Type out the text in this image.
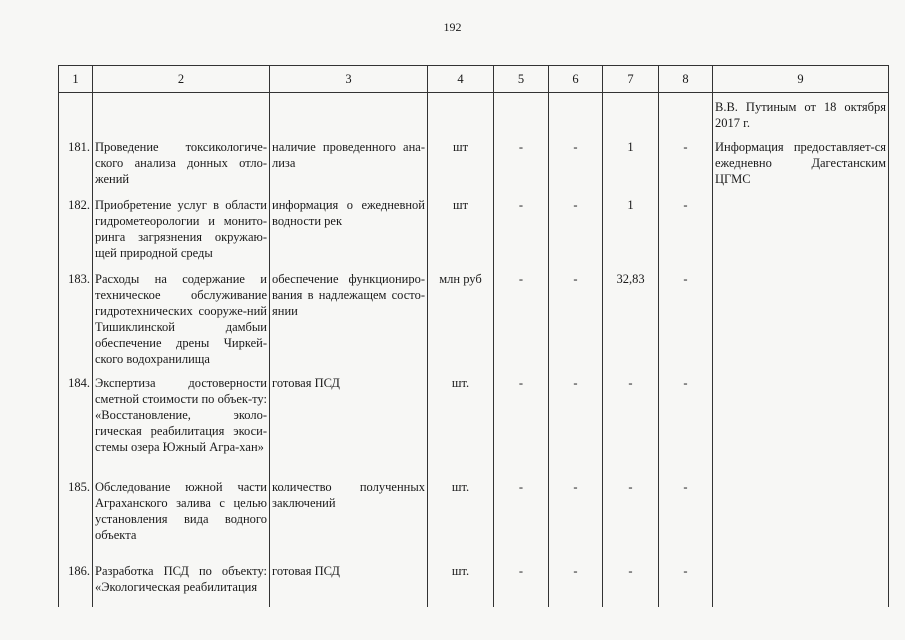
192
1	2	3	4	5	6	7	8	9
								В.В. Путиным от 18 октября 2017 г.
181.	Проведение токсикологиче-ского анализа донных отло-жений	наличие проведенного ана-лиза	шт	-	-	1	-	Информация предоставляет-ся ежедневно Дагестанским ЦГМС
182.	Приобретение услуг в области гидрометеорологии и монито-ринга загрязнения окружаю-щей природной среды	информация о ежедневной водности рек	шт	-	-	1	-	
183.	Расходы на содержание и техническое обслуживание гидротехнических сооруже-ний Тишиклинской дамбыи обеспечение дрены Чиркей-ского водохранилища	обеспечение функциониро-вания в надлежащем состо-янии	млн руб	-	-	32,83	-	
184.	Экспертиза достоверности сметной стоимости по объек-ту: «Восстановление, эколо-гическая реабилитация экоси-стемы озера Южный Агра-хан»	готовая ПСД	шт.	-	-	-	-	
185.	Обследование южной части Аграханского залива с целью установления вида водного объекта	количество полученных заключений	шт.	-	-	-	-	
186.	Разработка ПСД по объекту: «Экологическая реабилитация	готовая ПСД	шт.	-	-	-	-	
